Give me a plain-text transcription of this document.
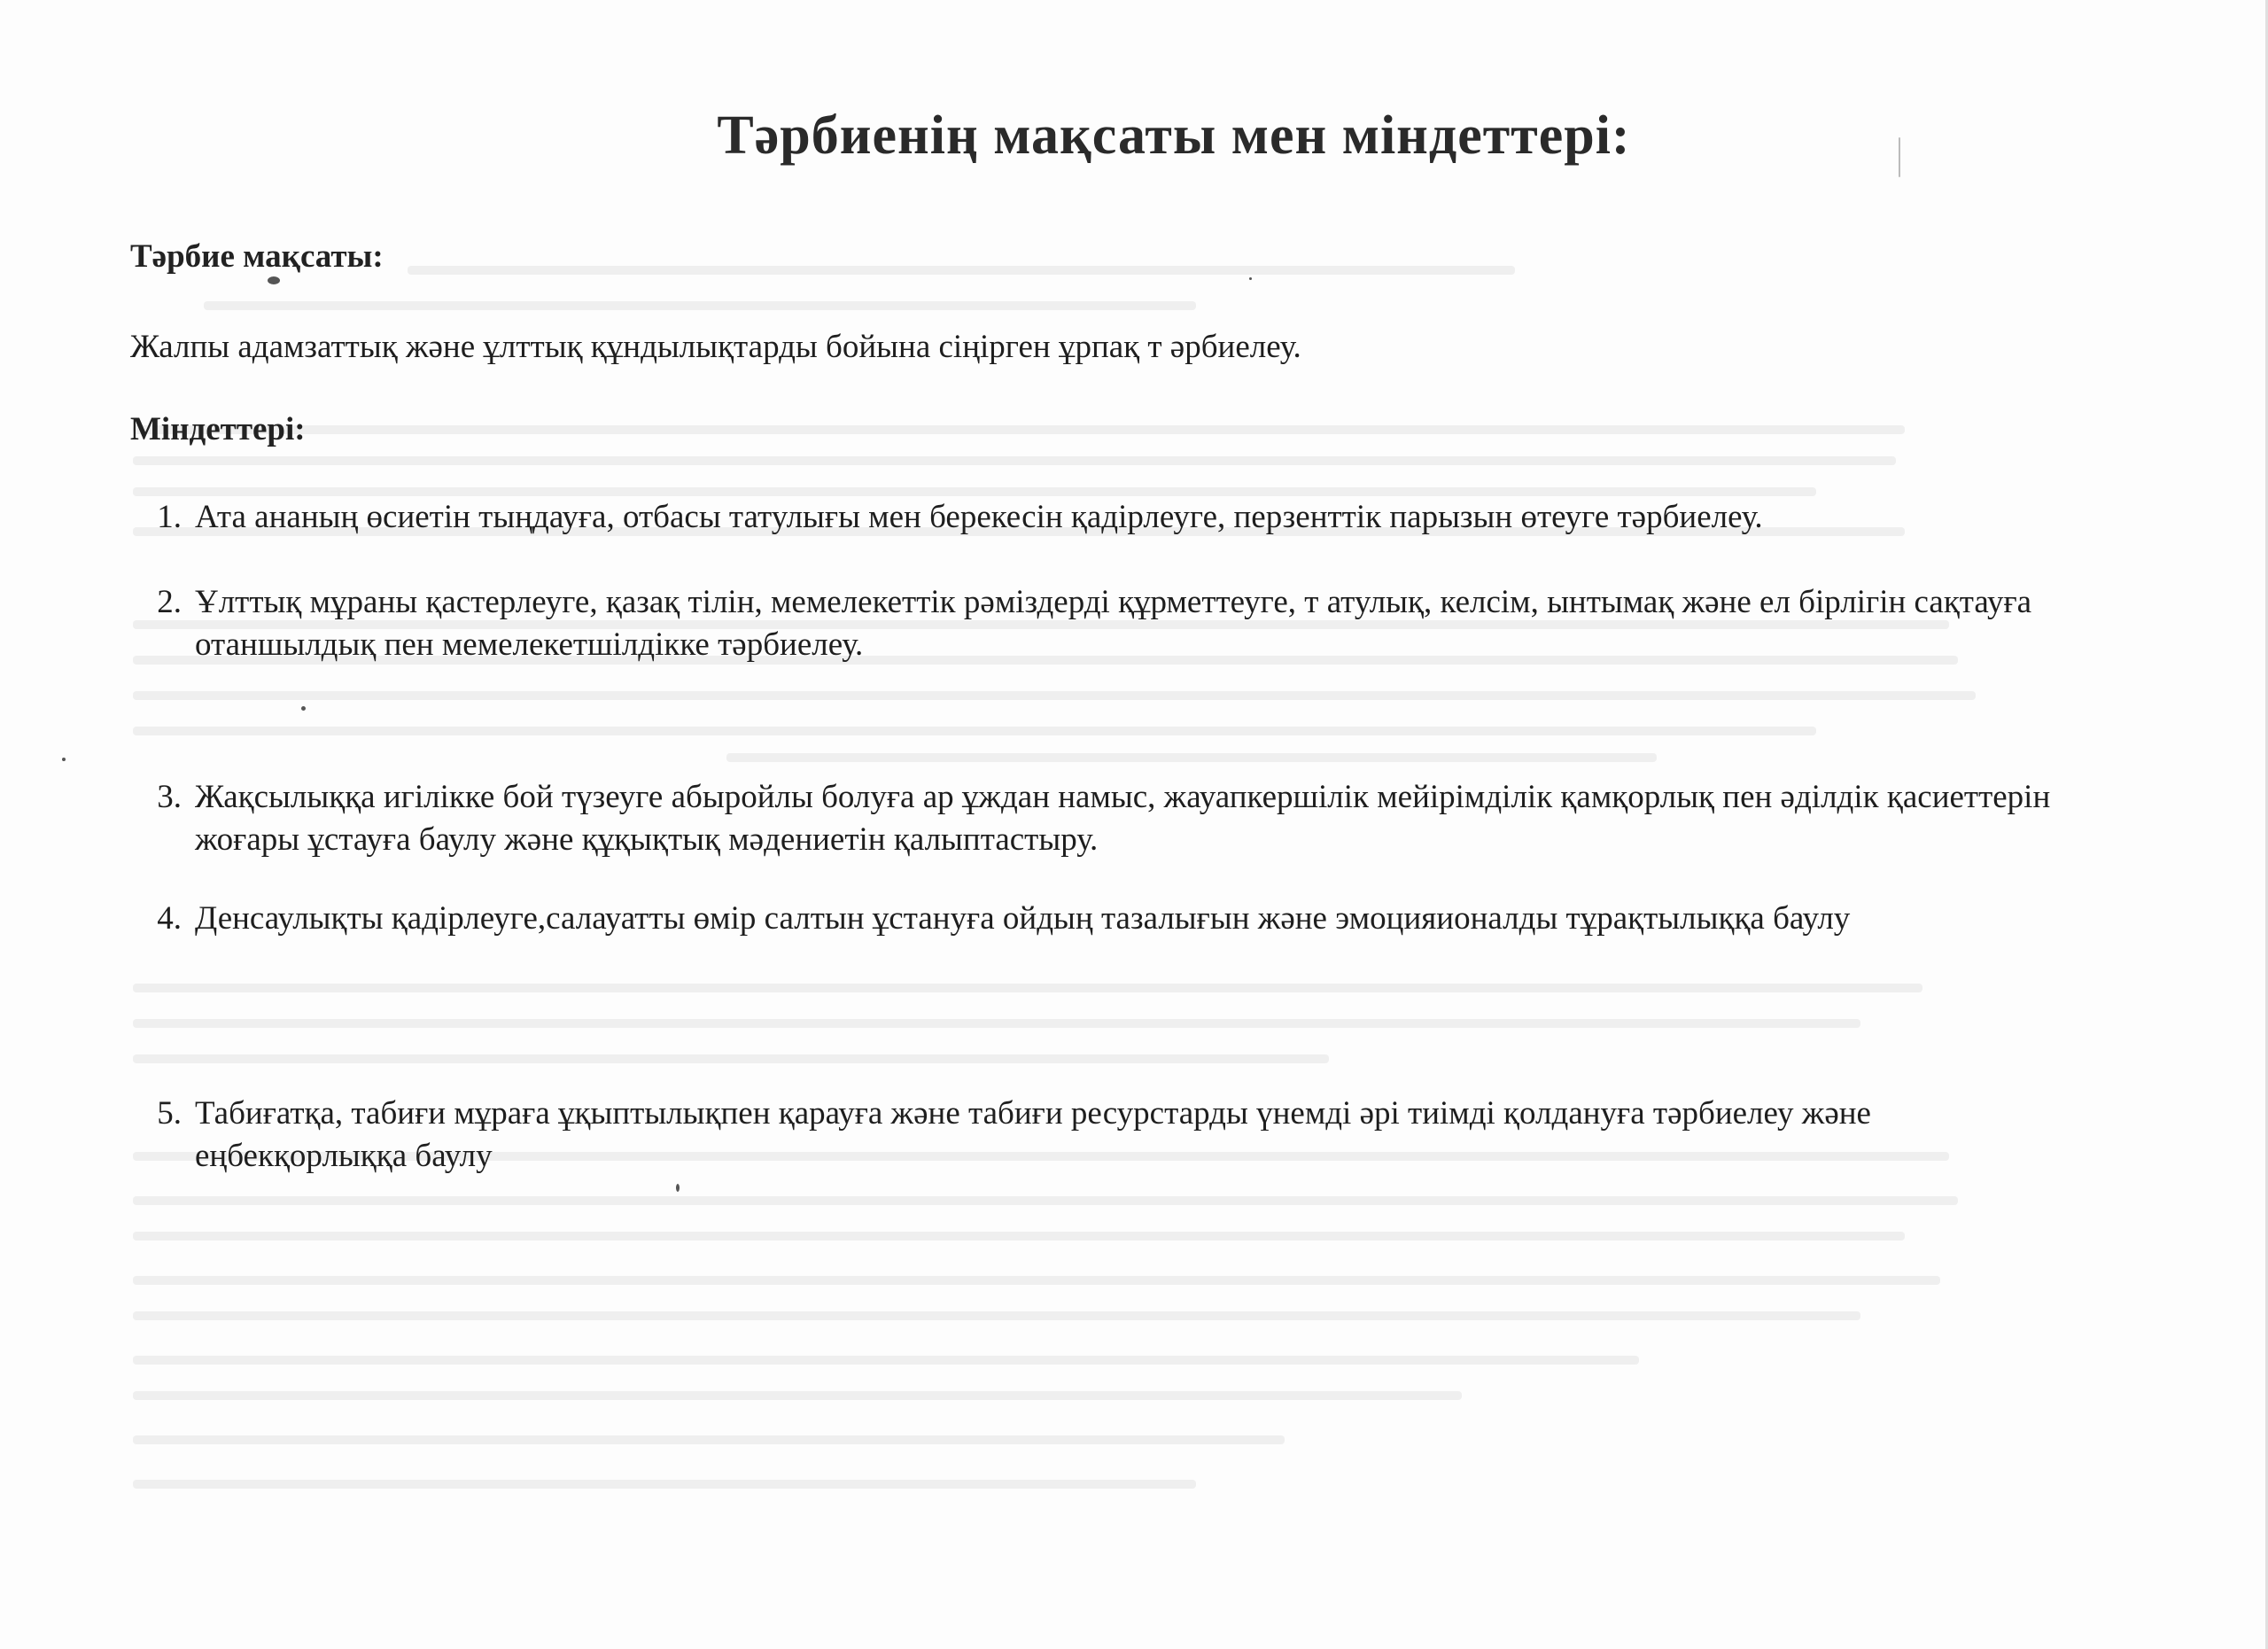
Тәрбиенің мақсаты мен міндеттері:
Тәрбие мақсаты:
Жалпы адамзаттық және ұлттық құндылықтарды бойына сіңірген ұрпақ т әрбиелеу.
Міндеттері:
1. Ата ананың өсиетін тыңдауға, отбасы татулығы мен берекесін қадірлеуге, перзенттік парызын өтеуге тәрбиелеу.
2. Ұлттық мұраны қастерлеуге, қазақ тілін, мемелекеттік рәміздерді құрметтеуге, т атулық, келсім, ынтымақ және ел бірлігін сақтауға отаншылдық пен мемелекетшілдікке тәрбиелеу.
3. Жақсылыққа игілікке бой түзеуге абыройлы болуға ар ұждан намыс, жауапкершілік мейірімділік қамқорлық пен әділдік қасиеттерін жоғары ұстауға баулу және құқықтық мәдениетін қалыптастыру.
4. Денсаулықты қадірлеуге,салауатты өмір салтын ұстануға ойдың тазалығын және эмоцияионалды тұрақтылыққа баулу
5. Табиғатқа, табиғи мұраға ұқыптылықпен қарауға және табиғи ресурстарды үнемді әрі тиімді қолдануға тәрбиелеу және еңбекқорлыққа баулу
